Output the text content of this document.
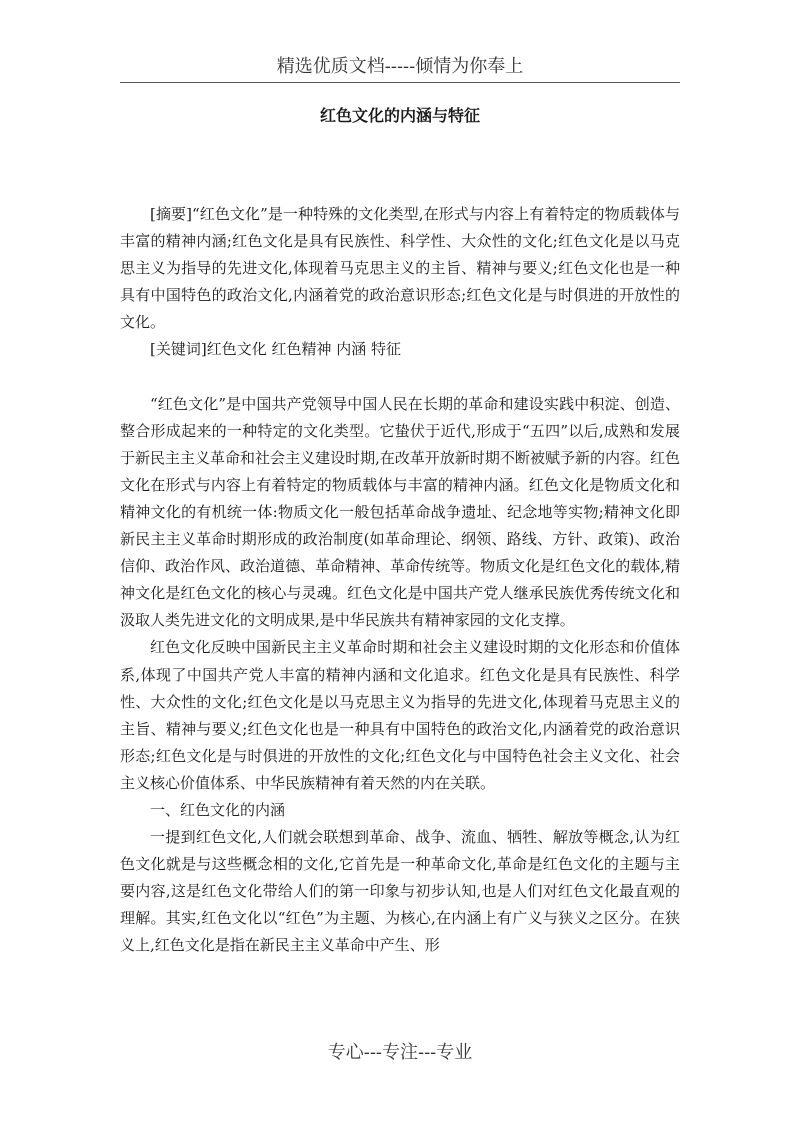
精选优质文档-----倾情为你奉上
红色文化的内涵与特征

[摘要]“红色文化”是一种特殊的文化类型,在形式与内容上有着特定的物质载体与丰富的精神内涵;红色文化是具有民族性、科学性、大众性的文化;红色文化是以马克思主义为指导的先进文化,体现着马克思主义的主旨、精神与要义;红色文化也是一种具有中国特色的政治文化,内涵着党的政治意识形态;红色文化是与时俱进的开放性的文化。

[关键词]红色文化 红色精神 内涵 特征

“红色文化”是中国共产党领导中国人民在长期的革命和建设实践中积淀、创造、整合形成起来的一种特定的文化类型。它蛰伏于近代,形成于“五四”以后,成熟和发展于新民主主义革命和社会主义建设时期,在改革开放新时期不断被赋予新的内容。红色文化在形式与内容上有着特定的物质载体与丰富的精神内涵。红色文化是物质文化和精神文化的有机统一体:物质文化一般包括革命战争遗址、纪念地等实物;精神文化即新民主主义革命时期形成的政治制度(如革命理论、纲领、路线、方针、政策)、政治信仰、政治作风、政治道德、革命精神、革命传统等。物质文化是红色文化的载体,精神文化是红色文化的核心与灵魂。红色文化是中国共产党人继承民族优秀传统文化和汲取人类先进文化的文明成果,是中华民族共有精神家园的文化支撑。

红色文化反映中国新民主主义革命时期和社会主义建设时期的文化形态和价值体系,体现了中国共产党人丰富的精神内涵和文化追求。红色文化是具有民族性、科学性、大众性的文化;红色文化是以马克思主义为指导的先进文化,体现着马克思主义的主旨、精神与要义;红色文化也是一种具有中国特色的政治文化,内涵着党的政治意识形态;红色文化是与时俱进的开放性的文化;红色文化与中国特色社会主义文化、社会主义核心价值体系、中华民族精神有着天然的内在关联。

一、红色文化的内涵

一提到红色文化,人们就会联想到革命、战争、流血、牺牲、解放等概念,认为红色文化就是与这些概念相的文化,它首先是一种革命文化,革命是红色文化的主题与主要内容,这是红色文化带给人们的第一印象与初步认知,也是人们对红色文化最直观的理解。其实,红色文化以“红色”为主题、为核心,在内涵上有广义与狭义之区分。在狭义上,红色文化是指在新民主主义革命中产生、形

专心---专注---专业
